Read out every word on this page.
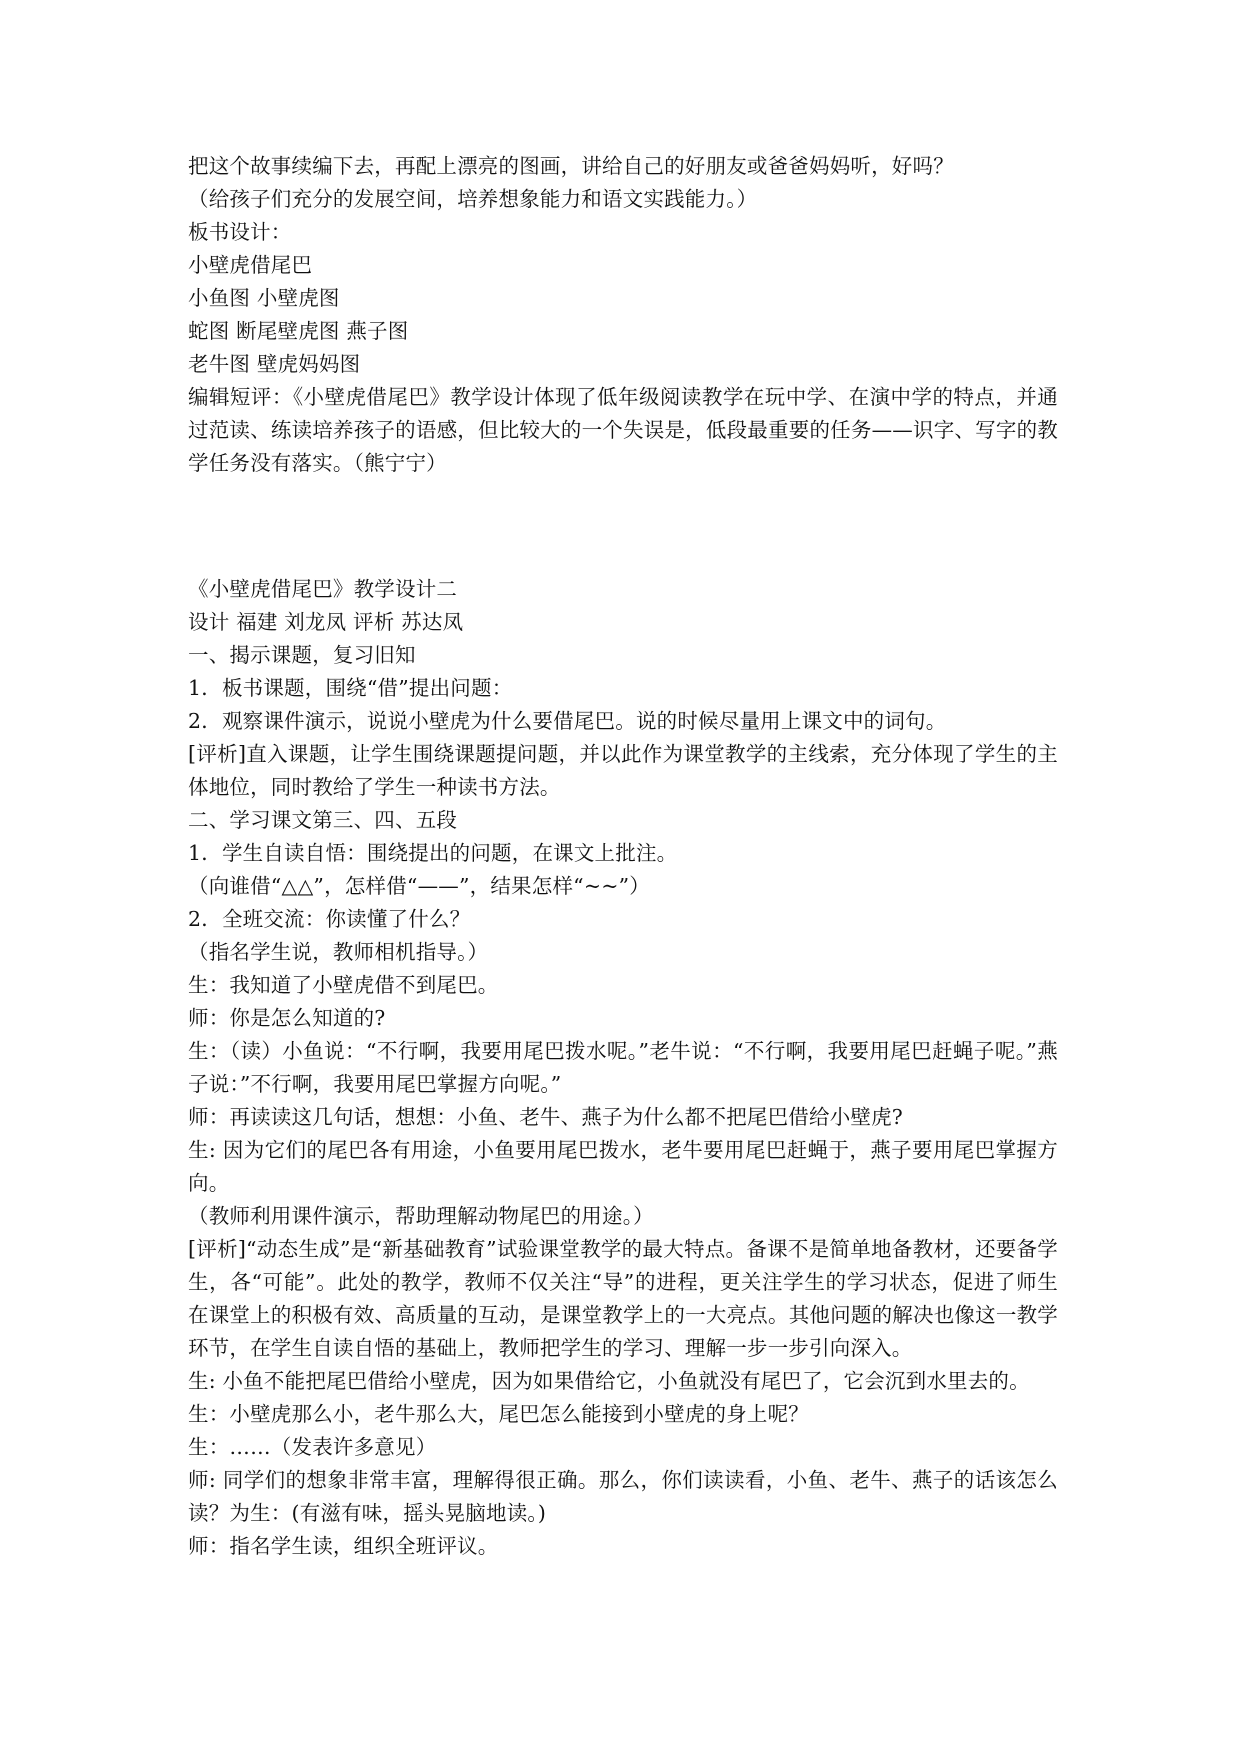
把这个故事续编下去，再配上漂亮的图画，讲给自己的好朋友或爸爸妈妈听，好吗？
（给孩子们充分的发展空间，培养想象能力和语文实践能力。）
板书设计：
小壁虎借尾巴
小鱼图 小壁虎图
蛇图 断尾壁虎图 燕子图
老牛图 壁虎妈妈图
编辑短评：《小壁虎借尾巴》教学设计体现了低年级阅读教学在玩中学、在演中学的特点，并通过范读、练读培养孩子的语感，但比较大的一个失误是，低段最重要的任务——识字、写字的教学任务没有落实。（熊宁宁）
《小壁虎借尾巴》教学设计二
设计 福建 刘龙凤 评析 苏达凤
一、揭示课题，复习旧知
1．板书课题，围绕“借”提出问题：
2．观察课件演示，说说小壁虎为什么要借尾巴。说的时候尽量用上课文中的词句。
[评析]直入课题，让学生围绕课题提问题，并以此作为课堂教学的主线索，充分体现了学生的主体地位，同时教给了学生一种读书方法。
二、学习课文第三、四、五段
1．学生自读自悟：围绕提出的问题，在课文上批注。
（向谁借“△△”，怎样借“——”，结果怎样“~~”）
2．全班交流：你读懂了什么？
（指名学生说，教师相机指导。）
生：我知道了小壁虎借不到尾巴。
师：你是怎么知道的?
生：（读）小鱼说：“不行啊，我要用尾巴拨水呢。”老牛说：“不行啊，我要用尾巴赶蝇子呢。”燕子说：”不行啊，我要用尾巴掌握方向呢。”
师：再读读这几句话，想想：小鱼、老牛、燕子为什么都不把尾巴借给小壁虎?
生: 因为它们的尾巴各有用途，小鱼要用尾巴拨水，老牛要用尾巴赶蝇于，燕子要用尾巴掌握方向。
（教师利用课件演示，帮助理解动物尾巴的用途。）
[评析]“动态生成”是“新基础教育”试验课堂教学的最大特点。备课不是简单地备教材，还要备学生，各“可能”。此处的教学，教师不仅关注“导”的进程，更关注学生的学习状态，促进了师生在课堂上的积极有效、高质量的互动，是课堂教学上的一大亮点。其他问题的解决也像这一教学环节，在学生自读自悟的基础上，教师把学生的学习、理解一步一步引向深入。
生: 小鱼不能把尾巴借给小壁虎，因为如果借给它，小鱼就没有尾巴了，它会沉到水里去的。
生：小壁虎那么小，老牛那么大，尾巴怎么能接到小壁虎的身上呢？
生：……（发表许多意见）
师: 同学们的想象非常丰富，理解得很正确。那么，你们读读看，小鱼、老牛、燕子的话该怎么读？为生：(有滋有味，摇头晃脑地读。)
师：指名学生读，组织全班评议。
